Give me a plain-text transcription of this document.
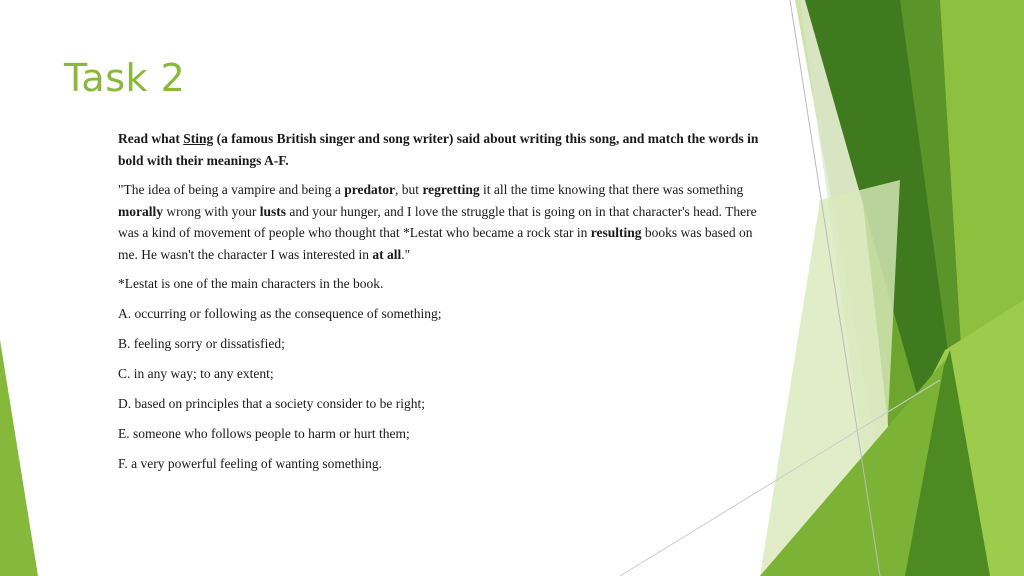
Task 2

Read what Sting (a famous British singer and song writer) said about writing this song, and match the words in bold with their meanings A-F.

"The idea of being a vampire and being a predator, but regretting it all the time knowing that there was something morally wrong with your lusts and your hunger, and I love the struggle that is going on in that character's head. There was a kind of movement of people who thought that *Lestat who became a rock star in resulting books was based on me. He wasn't the character I was interested in at all."

*Lestat is one of the main characters in the book.

A. occurring or following as the consequence of something;

B. feeling sorry or dissatisfied;

C. in any way; to any extent;

D. based on principles that a society consider to be right;

E. someone who follows people to harm or hurt them;

F. a very powerful feeling of wanting something.
